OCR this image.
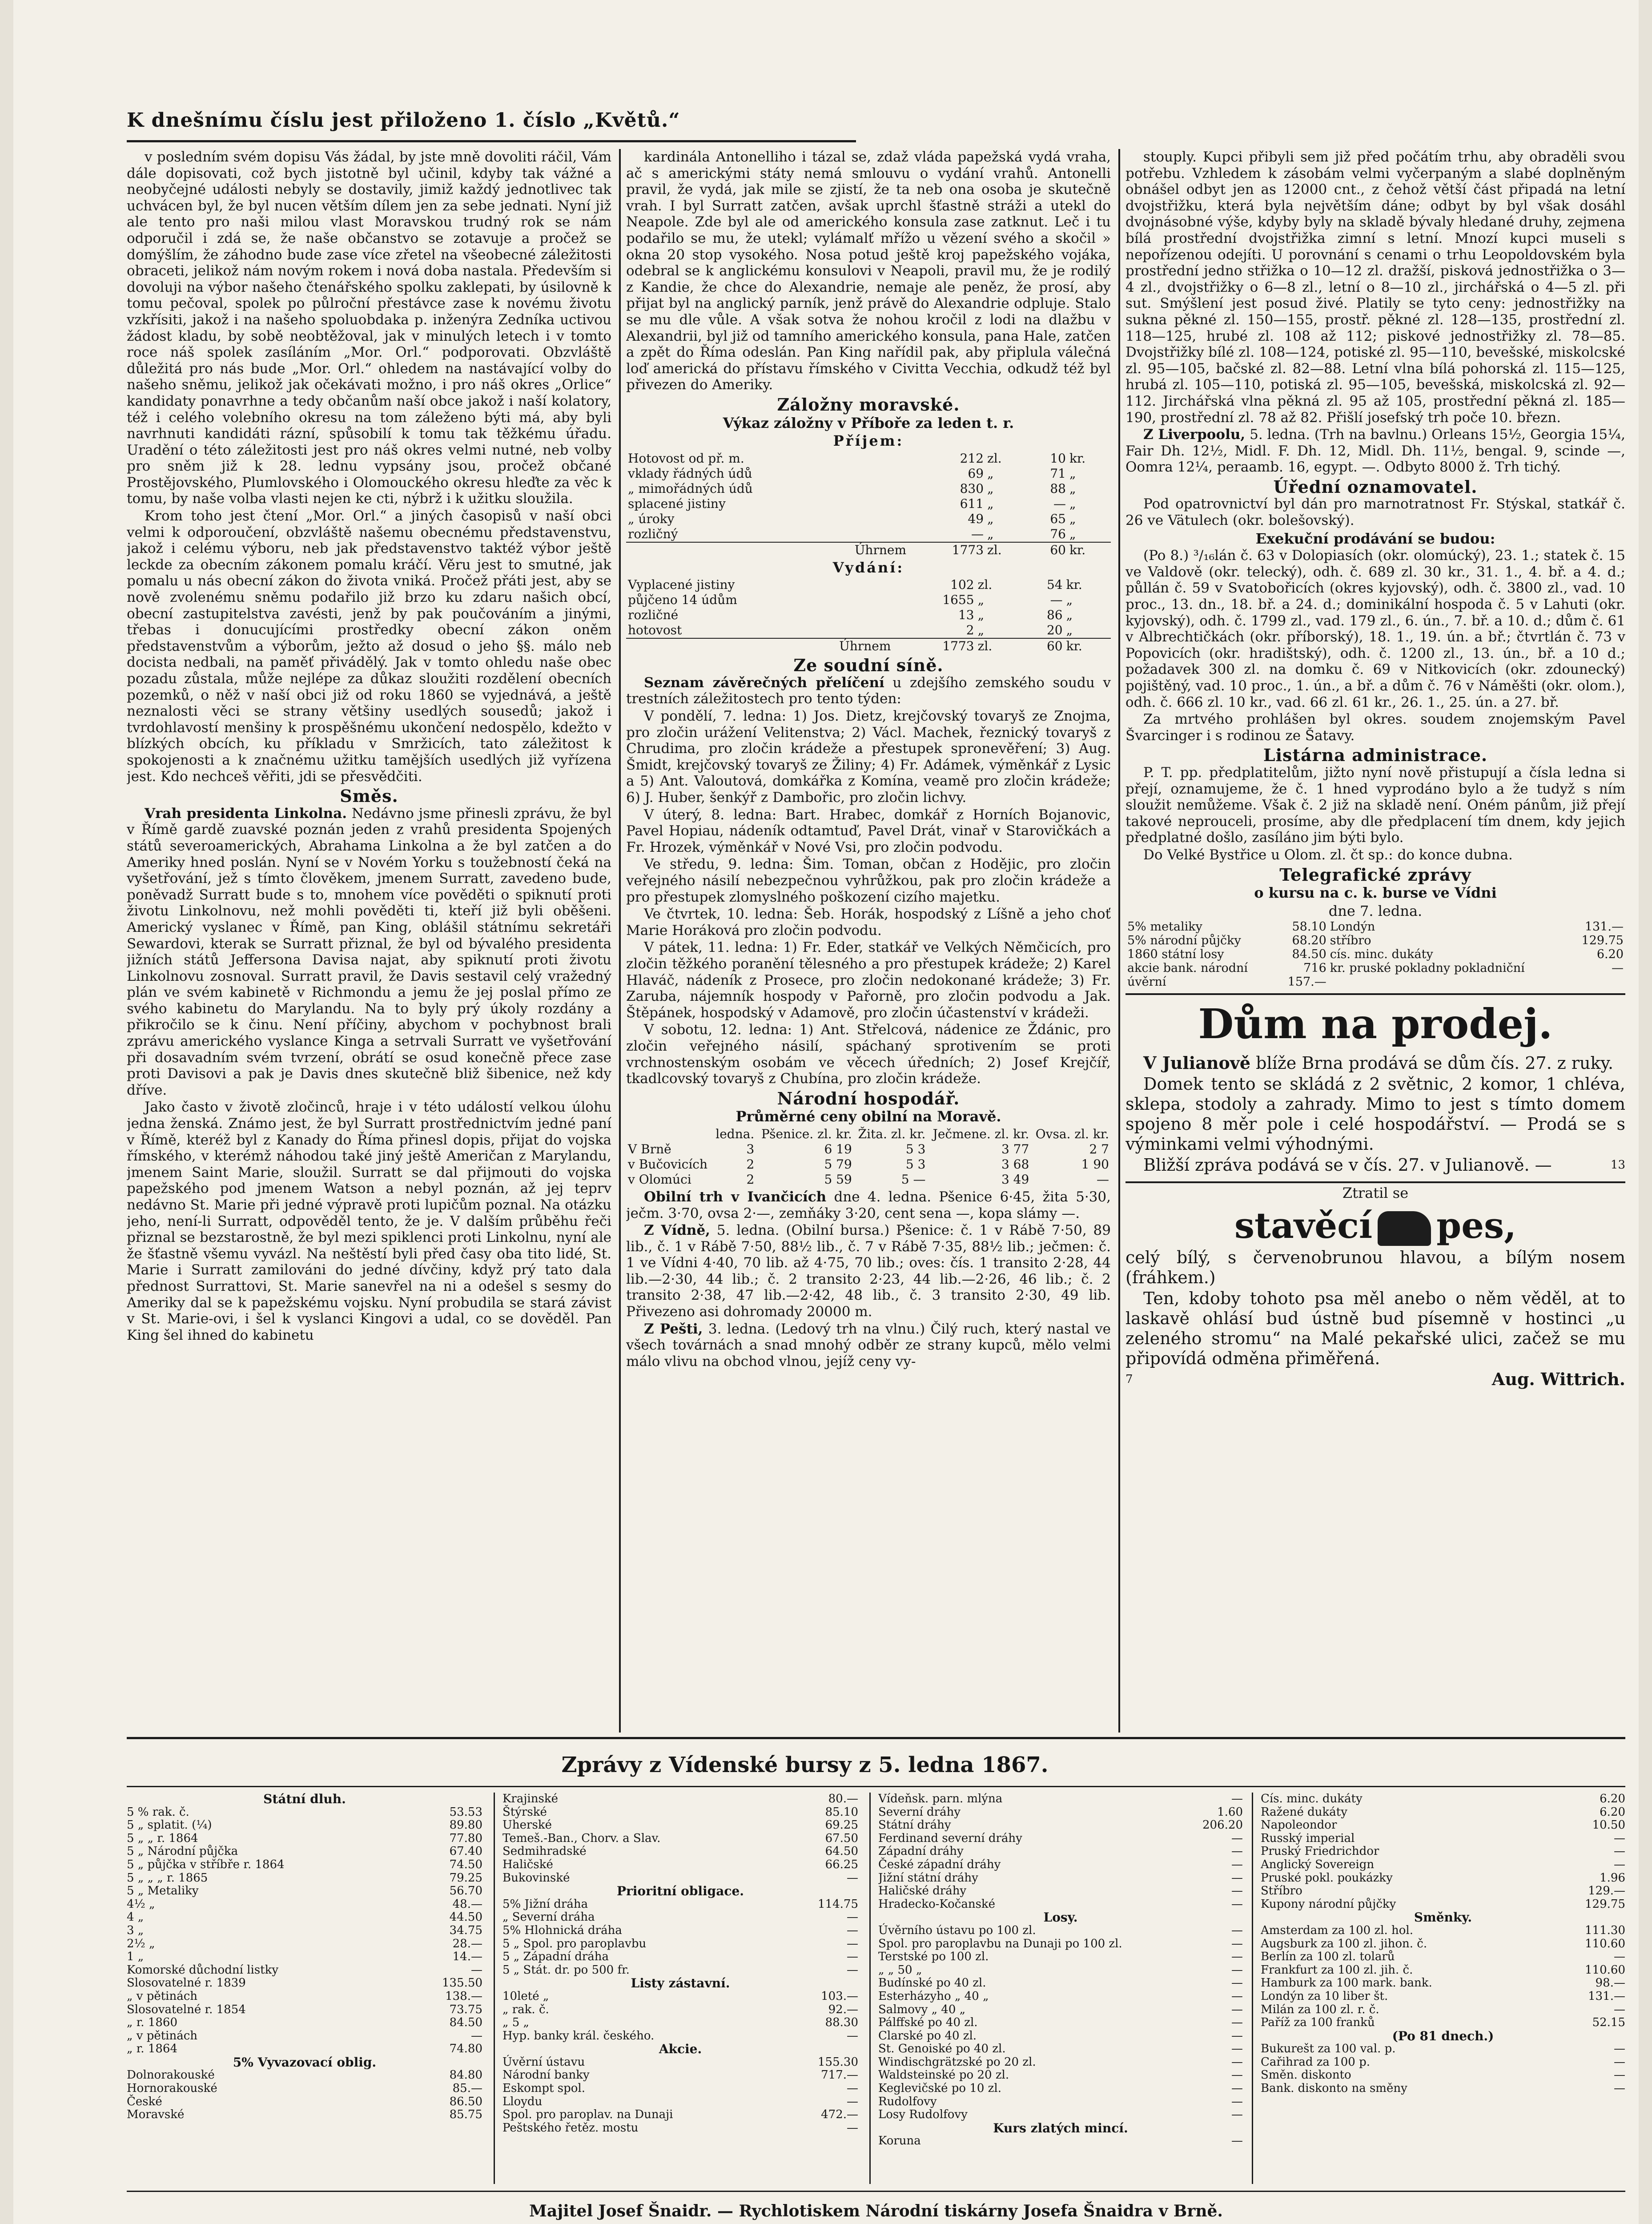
K dnešnímu číslu jest přiloženo 1. číslo „Květů.“

v posledním svém dopisu Vás žádal, by jste mně dovoliti ráčil, Vám dále dopisovati, což bych jistotně byl učinil, kdyby tak vážné a neobyčejné události nebyly se dostavily, jimiž každý jednotlivec tak uchvácen byl, že byl nucen větším dílem jen za sebe jednati. Nyní již ale tento pro naši milou vlast Moravskou trudný rok se nám odporučil i zdá se, že naše občanstvo se zotavuje a pročež se domýšlím, že záhodno bude zase více zřetel na všeobecné záležitosti obraceti, jelikož nám novým rokem i nová doba nastala. Především si dovoluji na výbor našeho čtenářského spolku zaklepati, by úsilovně k tomu pečoval, spolek po půlroční přestávce zase k novému životu vzkřísiti, jakož i na našeho spoluobdaka p. inženýra Zedníka uctivou žádost kladu, by sobě neobtěžoval, jak v minulých letech i v tomto roce náš spolek zasíláním „Mor. Orl.“ podporovati. Obzvláště důležitá pro nás bude „Mor. Orl.“ ohledem na nastávající volby do našeho sněmu, jelikož jak očekávati možno, i pro náš okres „Orlice“ kandidaty ponavrhne a tedy občanům naší obce jakož i naší kolatory, též i celého volebního okresu na tom záleženo býti má, aby byli navrhnuti kandidáti rázní, spůsobilí k tomu tak těžkému úřadu. Uradění o této záležitosti jest pro náš okres velmi nutné, neb volby pro sněm již k 28. lednu vypsány jsou, pročež občané Prostějovského, Plumlovského i Olomouckého okresu hleďte za věc k tomu, by naše volba vlasti nejen ke cti, nýbrž i k užitku sloužila.

Krom toho jest čtení „Mor. Orl.“ a jiných časopisů v naší obci velmi k odporoučení, obzvláště našemu obecnému představenstvu, jakož i celému výboru, neb jak představenstvo taktéž výbor ještě leckde za obecním zákonem pomalu kráčí. Věru jest to smutné, jak pomalu u nás obecní zákon do života vniká. Pročež přáti jest, aby se nově zvolenému sněmu podařilo již brzo ku zdaru našich obcí, obecní zastupitelstva zavésti, jenž by pak poučováním a jinými, třebas i donucujícími prostředky obecní zákon oněm představenstvům a výborům, ježto až dosud o jeho §§. málo neb docista nedbali, na paměť přivádělý. Jak v tomto ohledu naše obec pozadu zůstala, může nejlépe za důkaz sloužiti rozdělení obecních pozemků, o něž v naší obci již od roku 1860 se vyjednává, a ještě neznalosti věci se strany většiny usedlých sousedů; jakož i tvrdohlavostí menšiny k prospěšnému ukončení nedospělo, kdežto v blízkých obcích, ku příkladu v Smržicích, tato záležitost k spokojenosti a k značnému užitku tamějších usedlých již vyřízena jest. Kdo nechceš věřiti, jdi se přesvědčiti.

Směs.

Vrah presidenta Linkolna. Nedávno jsme přinesli zprávu, že byl v Římě gardě zuavské poznán jeden z vrahů presidenta Spojených států severoamerických, Abrahama Linkolna a že byl zatčen a do Ameriky hned poslán. Nyní se v Novém Yorku s toužebností čeká na vyšetřování, jež s tímto člověkem, jmenem Surratt, zavedeno bude, poněvadž Surratt bude s to, mnohem více pověděti o spiknutí proti životu Linkolnovu, než mohli pověděti ti, kteří již byli oběšeni. Americký vyslanec v Římě, pan King, oblášil státnímu sekretáři Sewardovi, kterak se Surratt přiznal, že byl od bývalého presidenta jižních států Jeffersona Davisa najat, aby spiknutí proti životu Linkolnovu zosnoval. Surratt pravil, že Davis sestavil celý vražedný plán ve svém kabinetě v Richmondu a jemu že jej poslal přímo ze svého kabinetu do Marylandu. Na to byly prý úkoly rozdány a přikročilo se k činu. Není příčiny, abychom v pochybnost brali zprávu amerického vyslance Kinga a setrvali Surratt ve vyšetřování při dosavadním svém tvrzení, obrátí se osud konečně přece zase proti Davisovi a pak je Davis dnes skutečně bliž šibenice, než kdy dříve.

Jako často v životě zločinců, hraje i v této událostí velkou úlohu jedna ženská. Známo jest, že byl Surratt prostřednictvím jedné paní v Římě, kteréž byl z Kanady do Říma přinesl dopis, přijat do vojska římského, v kterémž náhodou také jiný ještě Američan z Marylandu, jmenem Saint Marie, sloužil. Surratt se dal přijmouti do vojska papežského pod jmenem Watson a nebyl poznán, až jej teprv nedávno St. Marie při jedné výpravě proti lupičům poznal. Na otázku jeho, není-li Surratt, odpověděl tento, že je. V dalším průběhu řeči přiznal se bezstarostně, že byl mezi spiklenci proti Linkolnu, nyní ale že šťastně všemu vyvázl. Na neštěstí byli před časy oba tito lidé, St. Marie i Surratt zamilováni do jedné dívčiny, když prý tato dala přednost Surrattovi, St. Marie sanevřel na ni a odešel s sesmy do Ameriky dal se k papežskému vojsku. Nyní probudila se stará závist v St. Marie-ovi, i šel k vyslanci Kingovi a udal, co se dověděl. Pan King šel ihned do kabinetu

kardinála Antonelliho i tázal se, zdaž vláda papežská vydá vraha, ač s americkými státy nemá smlouvu o vydání vrahů. Antonelli pravil, že vydá, jak mile se zjistí, že ta neb ona osoba je skutečně vrah. I byl Surratt zatčen, avšak uprchl šťastně stráži a utekl do Neapole. Zde byl ale od amerického konsula zase zatknut. Leč i tu podařilo se mu, že utekl; vylámalť mřížo u vězení svého a skočil » okna 20 stop vysokého. Nosa potud ještě kroj papežského vojáka, odebral se k anglickému konsulovi v Neapoli, pravil mu, že je rodilý z Kandie, že chce do Alexandrie, nemaje ale peněz, že prosí, aby přijat byl na anglický parník, jenž právě do Alexandrie odpluje. Stalo se mu dle vůle. A však sotva že nohou kročil z lodi na dlažbu v Alexandrii, byl již od tamního amerického konsula, pana Hale, zatčen a zpět do Říma odeslán. Pan King nařídil pak, aby připlula válečná loď americká do přístavu římského v Civitta Vecchia, odkudž též byl přivezen do Ameriky.

Záložny moravské.

Výkaz záložny v Příboře za leden t. r.

Příjem:

Hotovost od př. m.	212	zl.	10	kr.
vklady řádných údů	69	„	71	„
„ mimořádných údů	830	„	88	„
splacené jistiny	611	„	—	„
„ úroky	49	„	65	„
rozličný	—	„	76	„
Úhrnem	1773	zl.	60	kr.

Vydání:

Vyplacené jistiny	102	zl.	54	kr.
půjčeno 14 údům	1655	„	—	„
rozličné	13	„	86	„
hotovost	2	„	20	„
Úhrnem	1773	zl.	60	kr.

Ze soudní síně.

Seznam závěrečných přelíčení u zdejšího zemského soudu v trestních záležitostech pro tento týden:

V pondělí, 7. ledna: 1) Jos. Dietz, krejčovský tovaryš ze Znojma, pro zločin urážení Velitenstva; 2) Václ. Machek, řeznický tovaryš z Chrudima, pro zločin krádeže a přestupek spronevěření; 3) Aug. Šmidt, krejčovský tovaryš ze Žiliny; 4) Fr. Adámek, výměnkář z Lysic a 5) Ant. Valoutová, domkářka z Komína, veamě pro zločin krádeže; 6) J. Huber, šenkýř z Dambořic, pro zločin lichvy.

V úterý, 8. ledna: Bart. Hrabec, domkář z Horních Bojanovic, Pavel Hopiau, nádeník odtamtuď, Pavel Drát, vinař v Starovičkách a Fr. Hrozek, výměnkář v Nové Vsi, pro zločin podvodu.

Ve středu, 9. ledna: Šim. Toman, občan z Hodějic, pro zločin veřejného násilí nebezpečnou vyhrůžkou, pak pro zločin krádeže a pro přestupek zlomyslného poškození cizího majetku.

Ve čtvrtek, 10. ledna: Šeb. Horák, hospodský z Líšně a jeho choť Marie Horáková pro zločin podvodu.

V pátek, 11. ledna: 1) Fr. Eder, statkář ve Velkých Němčicích, pro zločin těžkého poranění tělesného a pro přestupek krádeže; 2) Karel Hlaváč, nádeník z Prosece, pro zločin nedokonané krádeže; 3) Fr. Zaruba, nájemník hospody v Pařorně, pro zločin podvodu a Jak. Štěpánek, hospodský v Adamově, pro zločin účastenství v krádeži.

V sobotu, 12. ledna: 1) Ant. Střelcová, nádenice ze Ždánic, pro zločin veřejného násilí, spáchaný sprotivením se proti vrchnostenským osobám ve věcech úředních; 2) Josef Krejčíř, tkadlcovský tovaryš z Chubína, pro zločin krádeže.

Národní hospodář.

Průměrné ceny obilní na Moravě.

	ledna.	Pšenice. zl. kr.	Žita. zl. kr.	Ječmene. zl. kr.	Ovsa. zl. kr.
V Brně	3	6 19	5 3	3 77	2 7
v Bučovicích	2	5 79	5 3	3 68	1 90
v Olomúci	2	5 59	5 —	3 49	—

Obilní trh v Ivančicích dne 4. ledna. Pšenice 6·45, žita 5·30, ječm. 3·70, ovsa 2·—, zemňáky 3·20, cent sena —, kopa slámy —.

Z Vídně, 5. ledna. (Obilní bursa.) Pšenice: č. 1 v Rábě 7·50, 89 lib., č. 1 v Rábě 7·50, 88½ lib., č. 7 v Rábě 7·35, 88½ lib.; ječmen: č. 1 ve Vídni 4·40, 70 lib. až 4·75, 70 lib.; oves: čís. 1 transito 2·28, 44 lib.—2·30, 44 lib.; č. 2 transito 2·23, 44 lib.—2·26, 46 lib.; č. 2 transito 2·38, 47 lib.—2·42, 48 lib., č. 3 transito 2·30, 49 lib. Přivezeno asi dohromady 20000 m.

Z Pešti, 3. ledna. (Ledový trh na vlnu.) Čilý ruch, který nastal ve všech továrnách a snad mnohý odběr ze strany kupců, mělo velmi málo vlivu na obchod vlnou, jejíž ceny vy-

stouply. Kupci přibyli sem již před počátím trhu, aby obraděli svou potřebu. Vzhledem k zásobám velmi vyčerpaným a slabé doplněným obnášel odbyt jen as 12000 cnt., z čehož větší část připadá na letní dvojstřižku, která byla největším dáne; odbyt by byl však dosáhl dvojnásobné výše, kdyby byly na skladě bývaly hledané druhy, zejmena bílá prostřední dvojstřižka zimní s letní. Mnozí kupci museli s nepořízenou odejíti. U porovnání s cenami o trhu Leopoldovském byla prostřední jedno střižka o 10—12 zl. dražší, pisková jednostřižka o 3—4 zl., dvojstřižky o 6—8 zl., letní o 8—10 zl., jirchářská o 4—5 zl. při sut. Smýšlení jest posud živé. Platily se tyto ceny: jednostřižky na sukna pěkné zl. 150—155, prostř. pěkné zl. 128—135, prostřední zl. 118—125, hrubé zl. 108 až 112; piskové jednostřižky zl. 78—85. Dvojstřižky bílé zl. 108—124, potiské zl. 95—110, bevešské, miskolcské zl. 95—105, bačské zl. 82—88. Letní vlna bílá pohorská zl. 115—125, hrubá zl. 105—110, potiská zl. 95—105, bevešská, miskolcská zl. 92—112. Jirchářská vlna pěkná zl. 95 až 105, prostřední pěkná zl. 185—190, prostřední zl. 78 až 82. Přišlí josefský trh poče 10. březn.

Z Liverpoolu, 5. ledna. (Trh na bavlnu.) Orleans 15½, Georgia 15¼, Fair Dh. 12½, Midl. F. Dh. 12, Midl. Dh. 11½, bengal. 9, scinde —, Oomra 12¼, peraamb. 16, egypt. —. Odbyto 8000 ž. Trh tichý.

Úřední oznamovatel.

Pod opatrovnictví byl dán pro marnotratnost Fr. Stýskal, statkář č. 26 ve Vätulech (okr. bolešovský).

Exekuční prodávání se budou:

(Po 8.) ³/₁₆lán č. 63 v Dolopiasích (okr. olomúcký), 23. 1.; statek č. 15 ve Valdově (okr. telecký), odh. č. 689 zl. 30 kr., 31. 1., 4. bř. a 4. d.; půllán č. 59 v Svatobořicích (okres kyjovský), odh. č. 3800 zl., vad. 10 proc., 13. dn., 18. bř. a 24. d.; dominikální hospoda č. 5 v Lahuti (okr. kyjovský), odh. č. 1799 zl., vad. 179 zl., 6. ún., 7. bř. a 10. d.; dům č. 61 v Albrechtičkách (okr. příborský), 18. 1., 19. ún. a bř.; čtvrtlán č. 73 v Popovicích (okr. hradištský), odh. č. 1200 zl., 13. ún., bř. a 10 d.; požadavek 300 zl. na domku č. 69 v Nitkovicích (okr. zdounecký) pojištěný, vad. 10 proc., 1. ún., a bř. a dům č. 76 v Náměšti (okr. olom.), odh. č. 666 zl. 10 kr., vad. 66 zl. 61 kr., 26. 1., 25. ún. a 27. bř.

Za mrtvého prohlášen byl okres. soudem znojemským Pavel Švarcinger i s rodinou ze Šatavy.

Listárna administrace.

P. T. pp. předplatitelům, jižto nyní nově přistupují a čísla ledna si přejí, oznamujeme, že č. 1 hned vyprodáno bylo a že tudyž s ním sloužit nemůžeme. Však č. 2 již na skladě není. Oném pánům, již přejí takové neprouceli, prosíme, aby dle předplacení tím dnem, kdy jejich předplatné došlo, zasíláno jim býti bylo.

Do Velké Bystřice u Olom. zl. čt sp.: do konce dubna.

Telegrafické zprávy

o kursu na c. k. burse ve Vídni

dne 7. ledna.

5% metaliky	58.10	Londýn	131.—
5% národní půjčky	68.20	stříbro	129.75
1860 státní losy	84.50	cís. minc. dukáty	6.20
akcie bank. národní	716	kr. pruské pokladny pokladniční	—
úvěrní	157.—		
Dům na prodej.

V Julianově blíže Brna prodává se dům čís. 27. z ruky.

Domek tento se skládá z 2 světnic, 2 komor, 1 chléva, sklepa, stodoly a zahrady. Mimo to jest s tímto domem spojeno 8 měr pole i celé hospodářství. — Prodá se s výminkami velmi výhodnými.

Bližší zpráva podává se v čís. 27. v Julianově. —	13

Ztratil se
stavěcí pes,

celý bílý, s červenobrunou hlavou, a bílým nosem (fráhkem.)

Ten, kdoby tohoto psa měl anebo o něm věděl, at to laskavě ohlásí bud ústně bud písemně v hostinci „u zeleného stromu“ na Malé pekařské ulici, začež se mu připovídá odměna přiměřená.

7	Aug. Wittrich.
Zprávy z Vídenské bursy z 5. ledna 1867.
Státní dluh.
5 % rak. č.	53.53
5 „ splatit. (¼)	89.80
5 „ „ r. 1864	77.80
5 „ Národní půjčka	67.40
5 „ půjčka v stříbře r. 1864	74.50
5 „ „ „ r. 1865	79.25
5 „ Metaliky	56.70
4½ „	48.—
4 „	44.50
3 „	34.75
2½ „	28.—
1 „	14.—
Komorské důchodní listky	—
Slosovatelné r. 1839	135.50
„ v pětinách	138.—
Slosovatelné r. 1854	73.75
„ r. 1860	84.50
„ v pětinách	—
„ r. 1864	74.80
5% Vyvazovací oblig.
Dolnorakouské	84.80
Hornorakouské	85.—
České	86.50
Moravské	85.75
Krajinské	80.—
Štýrské	85.10
Uherské	69.25
Temeš.-Ban., Chorv. a Slav.	67.50
Sedmihradské	64.50
Haličské	66.25
Bukovinské	—
Prioritní obligace.
5% Jižní dráha	114.75
„ Severní dráha	—
5% Hlohnická dráha	—
5 „ Spol. pro paroplavbu	—
5 „ Západní dráha	—
5 „ Stát. dr. po 500 fr.	—
Listy zástavní.
10leté „	103.—
„ rak. č.	92.—
„ 5 „	88.30
Hyp. banky král. českého.	—
Akcie.
Úvěrní ústavu	155.30
Národní banky	717.—
Eskompt spol.	—
Lloydu	—
Spol. pro paroplav. na Dunaji	472.—
Peštského řetěz. mostu	—
Vídeňsk. parn. mlýna	—
Severní dráhy	1.60
Státní dráhy	206.20
Ferdinand severní dráhy	—
Západní dráhy	—
České západní dráhy	—
Jižní státní dráhy	—
Haličské dráhy	—
Hradecko-Kočanské	—
Losy.
Úvěrního ústavu po 100 zl.	—
Spol. pro paroplavbu na Dunaji po 100 zl.	—
Terstské po 100 zl.	—
„ „ 50 „	—
Budínské po 40 zl.	—
Esterházyho „ 40 „	—
Salmovy „ 40 „	—
Pálffské po 40 zl.	—
Clarské po 40 zl.	—
St. Genoiské po 40 zl.	—
Windischgrätzské po 20 zl.	—
Waldsteinské po 20 zl.	—
Keglevičské po 10 zl.	—
Rudolfovy	—
Losy Rudolfovy	—
Kurs zlatých mincí.
Koruna	—
Cís. minc. dukáty	6.20
Ražené dukáty	6.20
Napoleondor	10.50
Russký imperial	—
Pruský Friedrichdor	—
Anglický Sovereign	—
Pruské pokl. poukázky	1.96
Stříbro	129.—
Kupony národní půjčky	129.75
Směnky.
Amsterdam za 100 zl. hol.	111.30
Augsburk za 100 zl. jihon. č.	110.60
Berlín za 100 zl. tolarů	—
Frankfurt za 100 zl. jih. č.	110.60
Hamburk za 100 mark. bank.	98.—
Londýn za 10 liber št.	131.—
Milán za 100 zl. r. č.	—
Paříž za 100 franků	52.15
(Po 81 dnech.)
Bukurešt za 100 val. p.	—
Cařihrad za 100 p.	—
Směn. diskonto	—
Bank. diskonto na směny	—
Majitel Josef Šnaidr. — Rychlotiskem Národní tiskárny Josefa Šnaidra v Brně.
